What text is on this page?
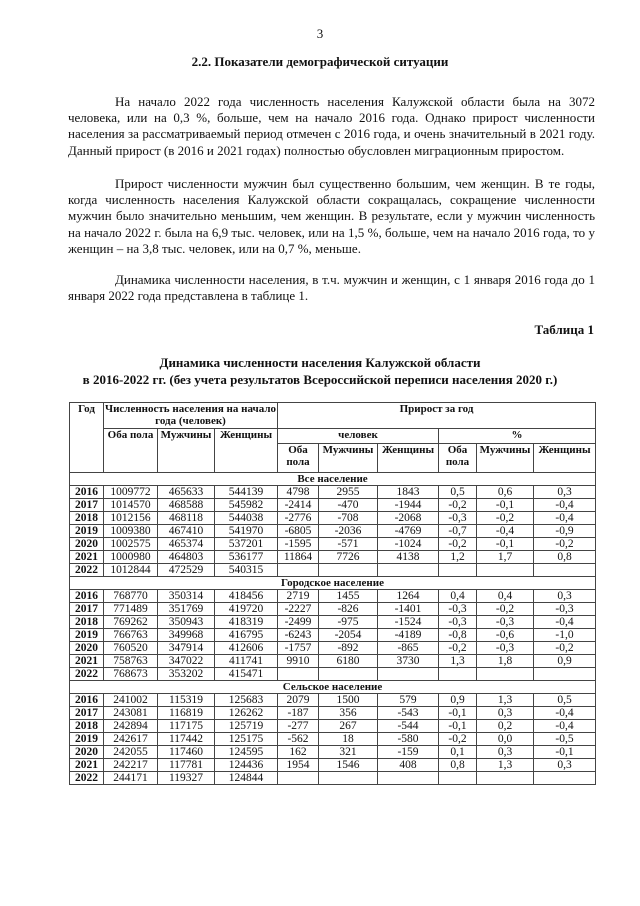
3
2.2. Показатели демографической ситуации

На начало 2022 года численность населения Калужской области была на 3072 человека, или на 0,3 %, больше, чем на начало 2016 года. Однако прирост численности населения за рассматриваемый период отмечен с 2016 года, и очень значительный в 2021 году. Данный прирост (в 2016 и 2021 годах) полностью обусловлен миграционным приростом.

Прирост численности мужчин был существенно большим, чем женщин. В те годы, когда численность населения Калужской области сокращалась, сокращение численности мужчин было значительно меньшим, чем женщин. В результате, если у мужчин численность на начало 2022 г. была на 6,9 тыс. человек, или на 1,5 %, больше, чем на начало 2016 года, то у женщин – на 3,8 тыс. человек, или на 0,7 %, меньше.

Динамика численности населения, в т.ч. мужчин и женщин, с 1 января 2016 года до 1 января 2022 года представлена в таблице 1.

Таблица 1
Динамика численности населения Калужской области
в 2016-2022 гг. (без учета результатов Всероссийской переписи населения 2020 г.)
Год	Численность населения на начало года (человек)			Прирост за год					
	Оба пола	Мужчины	Женщины	человек			%		
				Оба пола	Мужчины	Женщины	Оба пола	Мужчины	Женщины
Все население									
2016	1009772	465633	544139	4798	2955	1843	0,5	0,6	0,3
2017	1014570	468588	545982	-2414	-470	-1944	-0,2	-0,1	-0,4
2018	1012156	468118	544038	-2776	-708	-2068	-0,3	-0,2	-0,4
2019	1009380	467410	541970	-6805	-2036	-4769	-0,7	-0,4	-0,9
2020	1002575	465374	537201	-1595	-571	-1024	-0,2	-0,1	-0,2
2021	1000980	464803	536177	11864	7726	4138	1,2	1,7	0,8
2022	1012844	472529	540315						
Городское население									
2016	768770	350314	418456	2719	1455	1264	0,4	0,4	0,3
2017	771489	351769	419720	-2227	-826	-1401	-0,3	-0,2	-0,3
2018	769262	350943	418319	-2499	-975	-1524	-0,3	-0,3	-0,4
2019	766763	349968	416795	-6243	-2054	-4189	-0,8	-0,6	-1,0
2020	760520	347914	412606	-1757	-892	-865	-0,2	-0,3	-0,2
2021	758763	347022	411741	9910	6180	3730	1,3	1,8	0,9
2022	768673	353202	415471						
Сельское население									
2016	241002	115319	125683	2079	1500	579	0,9	1,3	0,5
2017	243081	116819	126262	-187	356	-543	-0,1	0,3	-0,4
2018	242894	117175	125719	-277	267	-544	-0,1	0,2	-0,4
2019	242617	117442	125175	-562	18	-580	-0,2	0,0	-0,5
2020	242055	117460	124595	162	321	-159	0,1	0,3	-0,1
2021	242217	117781	124436	1954	1546	408	0,8	1,3	0,3
2022	244171	119327	124844						
